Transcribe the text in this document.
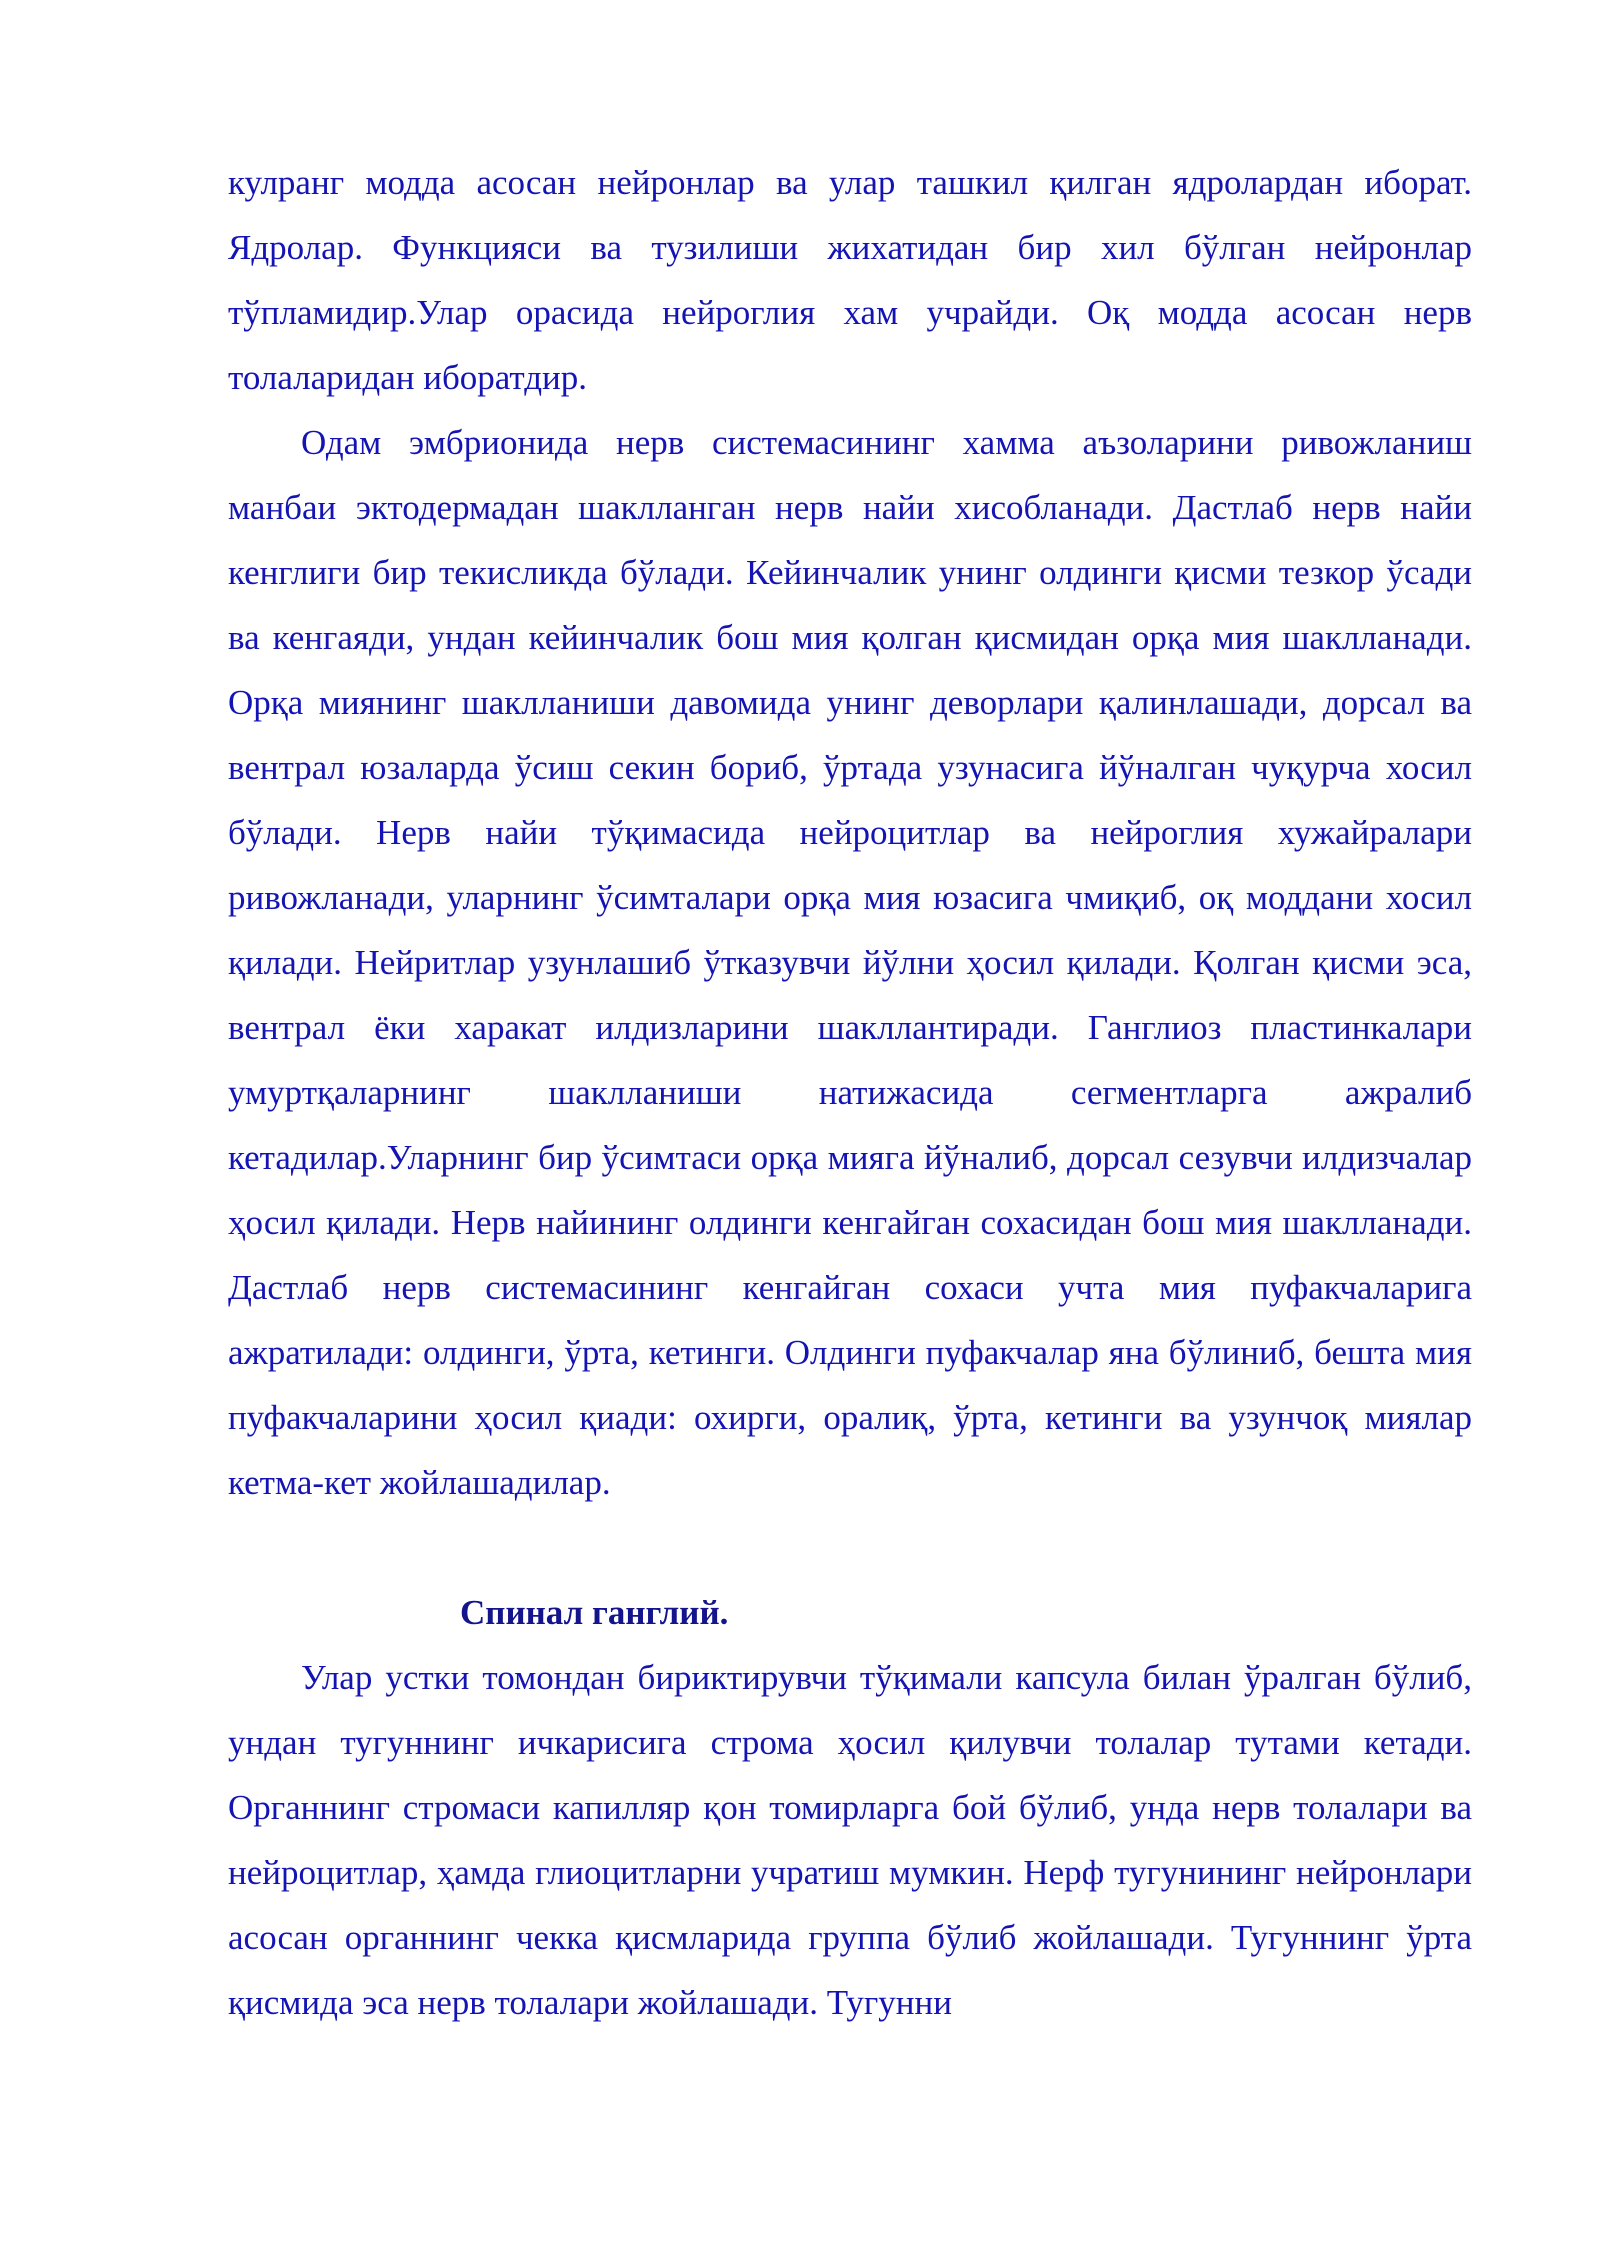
кулранг модда асосан нейронлар ва улар ташкил қилган ядролардан иборат. Ядролар. Функцияси ва тузилиши жихатидан бир хил бўлган нейронлар тўпламидир.Улар орасида нейроглия хам учрайди. Оқ модда асосан нерв толаларидан иборатдир.

Одам эмбрионида нерв системасининг хамма аъзоларини ривожланиш манбаи эктодермадан шаклланган нерв найи хисобланади. Дастлаб нерв найи кенглиги бир текисликда бўлади. Кейинчалик унинг олдинги қисми тезкор ўсади ва кенгаяди, ундан кейинчалик бош мия қолган қисмидан орқа мия шаклланади. Орқа миянинг шаклланиши давомида унинг деворлари қалинлашади, дорсал ва вентрал юзаларда ўсиш секин бориб, ўртада узунасига йўналган чуқурча хосил бўлади. Нерв найи тўқимасида нейроцитлар ва нейроглия хужайралари ривожланади, уларнинг ўсимталари орқа мия юзасига чмиқиб, оқ моддани хосил қилади. Нейритлар узунлашиб ўтказувчи йўлни ҳосил қилади. Қолган қисми эса, вентрал ёки харакат илдизларини шакллантиради. Ганглиоз пластинкалари умуртқаларнинг шаклланиши натижасида сегментларга ажралиб кетадилар.Уларнинг бир ўсимтаси орқа мияга йўналиб, дорсал сезувчи илдизчалар ҳосил қилади. Нерв найининг олдинги кенгайган сохасидан бош мия шаклланади. Дастлаб нерв системасининг кенгайган сохаси учта мия пуфакчаларига ажратилади: олдинги, ўрта, кетинги. Олдинги пуфакчалар яна бўлиниб, бешта мия пуфакчаларини ҳосил қиади: охирги, оралиқ, ўрта, кетинги ва узунчоқ миялар кетма-кет жойлашадилар.

Спинал ганглий.

Улар устки томондан бириктирувчи тўқимали капсула билан ўралган бўлиб, ундан тугуннинг ичкарисига строма ҳосил қилувчи толалар тутами кетади. Органнинг стромаси капилляр қон томирларга бой бўлиб, унда нерв толалари ва нейроцитлар, ҳамда глиоцитларни учратиш мумкин. Нерф тугунининг нейронлари асосан органнинг чекка қисмларида группа бўлиб жойлашади. Тугуннинг ўрта қисмида эса нерв толалари жойлашади. Тугунни
